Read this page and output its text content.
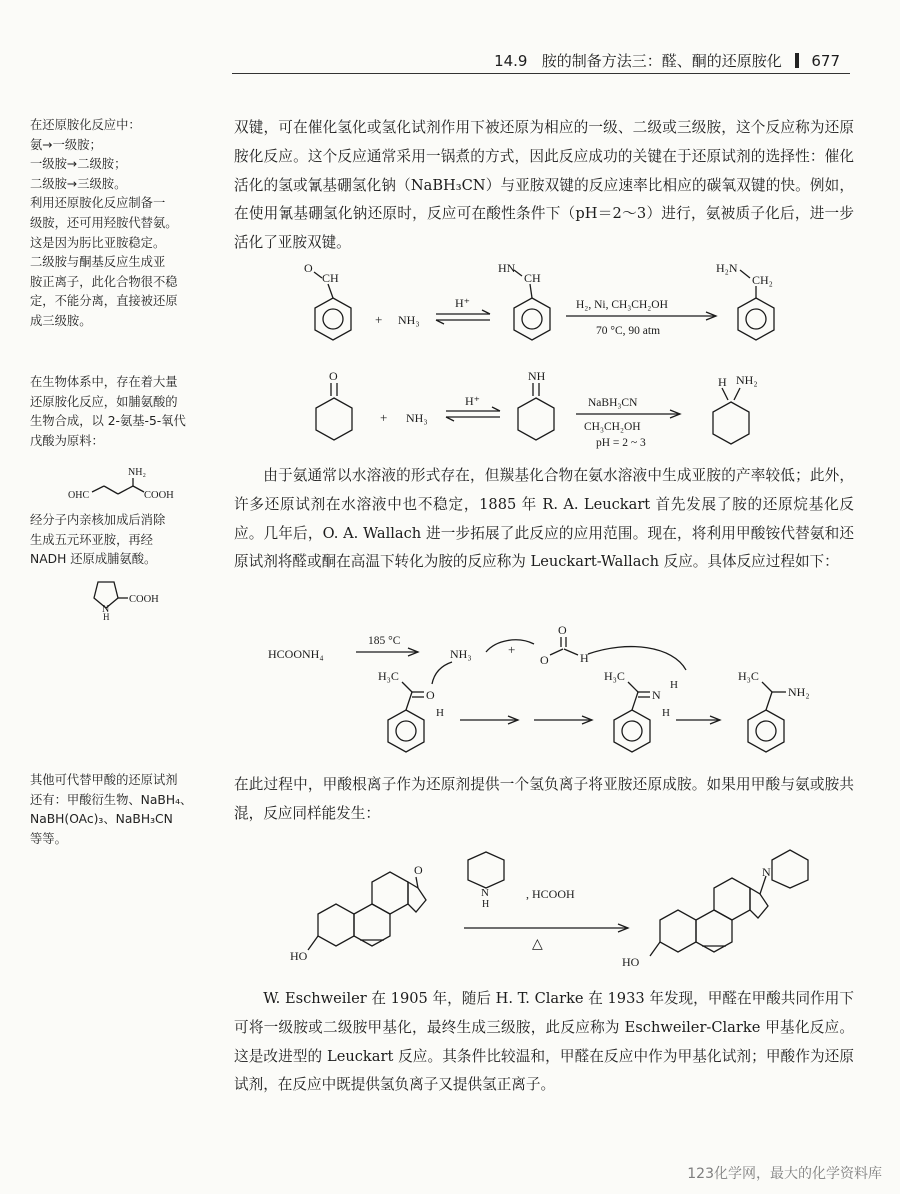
14.9 胺的制备方法三：醛、酮的还原胺化 677

在还原胺化反应中：

氨→一级胺；

一级胺→二级胺；

二级胺→三级胺。

利用还原胺化反应制备一

级胺，还可用羟胺代替氨。

这是因为肟比亚胺稳定。

二级胺与酮基反应生成亚

胺正离子，此化合物很不稳

定，不能分离，直接被还原

成三级胺。

在生物体系中，存在着大量

还原胺化反应，如脯氨酸的

生物合成，以 2-氨基-5-氧代

戊酸为原料：

NH₂
OHC	COOH

经分子内亲核加成后消除

生成五元环亚胺，再经

NADH 还原成脯氨酸。

COOH
N
H

其他可代替甲酸的还原试剂

还有：甲酸衍生物、NaBH₄、

NaBH(OAc)₃、NaBH₃CN

等等。

双键，可在催化氢化或氢化试剂作用下被还原为相应的一级、二级或三级胺，这个反应称为还原胺化反应。这个反应通常采用一锅煮的方式，因此反应成功的关键在于还原试剂的选择性：催化活化的氢或氰基硼氢化钠（NaBH₃CN）与亚胺双键的反应速率比相应的碳氧双键的快。例如，在使用氰基硼氢化钠还原时，反应可在酸性条件下（pH＝2～3）进行，氨被质子化后，进一步活化了亚胺双键。

O
CH
+ NH₃
H⁺
HN
CH
H₂, Ni, CH₃CH₂OH
70 °C, 90 atm
H₂N
CH₂
O
+ NH₃
H⁺
NH
NaBH₃CN
CH₃CH₂OH
pH = 2 ~ 3
H NH₂

由于氨通常以水溶液的形式存在，但羰基化合物在氨水溶液中生成亚胺的产率较低；此外，许多还原试剂在水溶液中也不稳定，1885 年 R. A. Leuckart 首先发展了胺的还原烷基化反应。几年后，O. A. Wallach 进一步拓展了此反应的应用范围。现在，将利用甲酸铵代替氨和还原试剂将醛或酮在高温下转化为胺的反应称为 Leuckart-Wallach 反应。具体反应过程如下：

HCOONH₄
185 °C
NH₃	+
O
O	H
H₃C
O
H
H₃C
N
H
H
H₃C
NH₂

在此过程中，甲酸根离子作为还原剂提供一个氢负离子将亚胺还原成胺。如果用甲酸与氨或胺共混，反应同样能发生：

O
HO
N
H
, HCOOH
△
N
HO

W. Eschweiler 在 1905 年，随后 H. T. Clarke 在 1933 年发现，甲醛在甲酸共同作用下可将一级胺或二级胺甲基化，最终生成三级胺，此反应称为 Eschweiler-Clarke 甲基化反应。这是改进型的 Leuckart 反应。其条件比较温和，甲醛在反应中作为甲基化试剂；甲酸作为还原试剂，在反应中既提供氢负离子又提供氢正离子。

123化学网，最大的化学资料库
